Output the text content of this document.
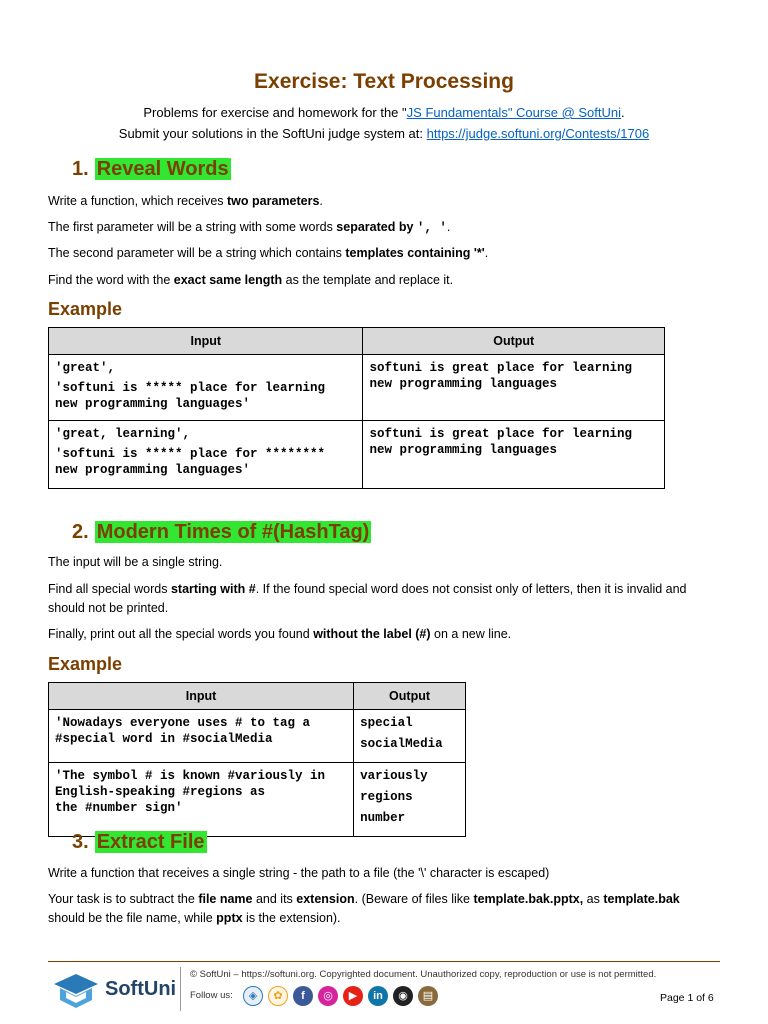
Exercise: Text Processing
Problems for exercise and homework for the "JS Fundamentals" Course @ SoftUni.
Submit your solutions in the SoftUni judge system at: https://judge.softuni.org/Contests/1706
1. Reveal Words
Write a function, which receives two parameters.
The first parameter will be a string with some words separated by ', '.
The second parameter will be a string which contains templates containing '*'.
Find the word with the exact same length as the template and replace it.
Example
Input	Output

'great',
'softuni is ***** place for learning
new programming languages'	softuni is great place for learning
new programming languages

'great, learning',
'softuni is ***** place for ********
new programming languages'	softuni is great place for learning
new programming languages
2. Modern Times of #(HashTag)
The input will be a single string.
Find all special words starting with #. If the found special word does not consist only of letters, then it is invalid and
should not be printed.
Finally, print out all the special words you found without the label (#) on a new line.
Example
Input	Output

'Nowadays everyone uses # to tag a
#special word in #socialMedia	special
socialMedia

'The symbol # is known #variously in
English-speaking #regions as
the #number sign'	variously
regions
number
3. Extract File
Write a function that receives a single string - the path to a file (the '\' character is escaped)
Your task is to subtract the file name and its extension. (Beware of files like template.bak.pptx, as template.bak
should be the file name, while pptx is the extension).
SoftUni
© SoftUni – https://softuni.org. Copyrighted document. Unauthorized copy, reproduction or use is not permitted.
Follow us:	◈	✿	f	◎	▶	in	◉	▤	Page 1 of 6
